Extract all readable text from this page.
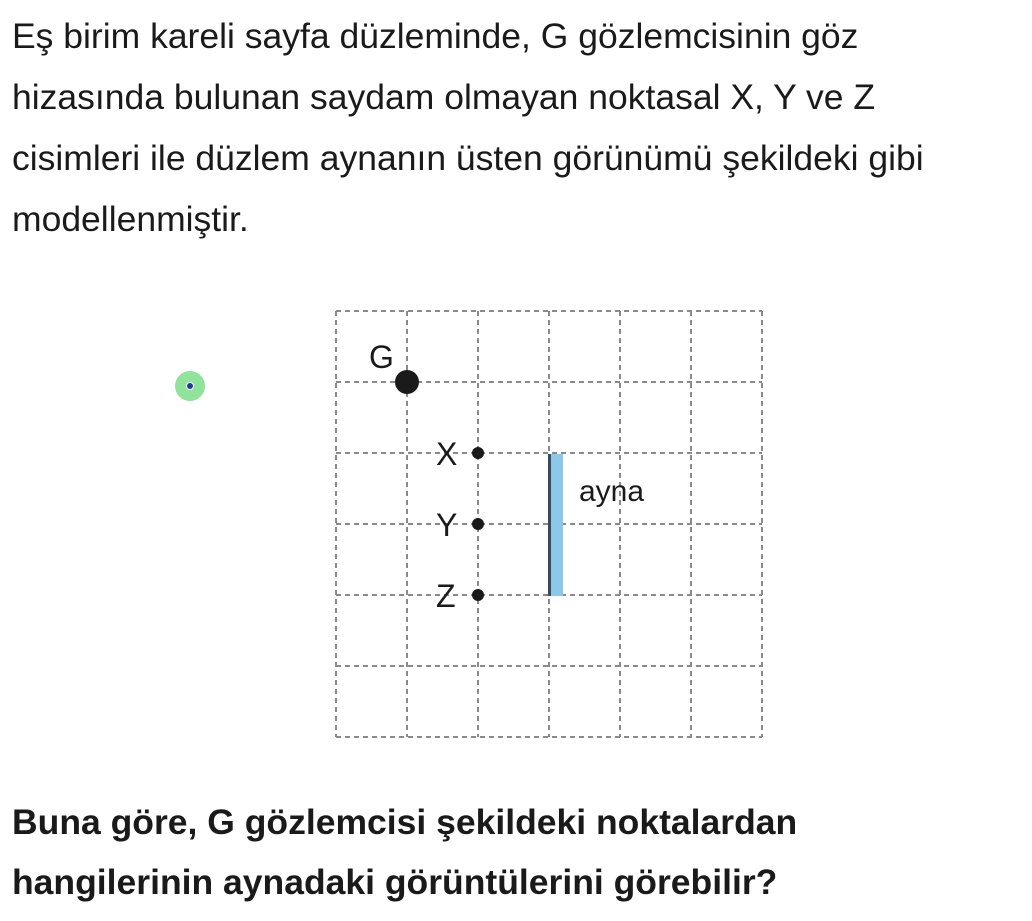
Eş birim kareli sayfa düzleminde, G gözlemcisinin göz
hizasında bulunan saydam olmayan noktasal X, Y ve Z
cisimleri ile düzlem aynanın üsten görünümü şekildeki gibi
modellenmiştir.

ayna
G
X
Y
Z

Buna göre, G gözlemcisi şekildeki noktalardan
hangilerinin aynadaki görüntülerini görebilir?
